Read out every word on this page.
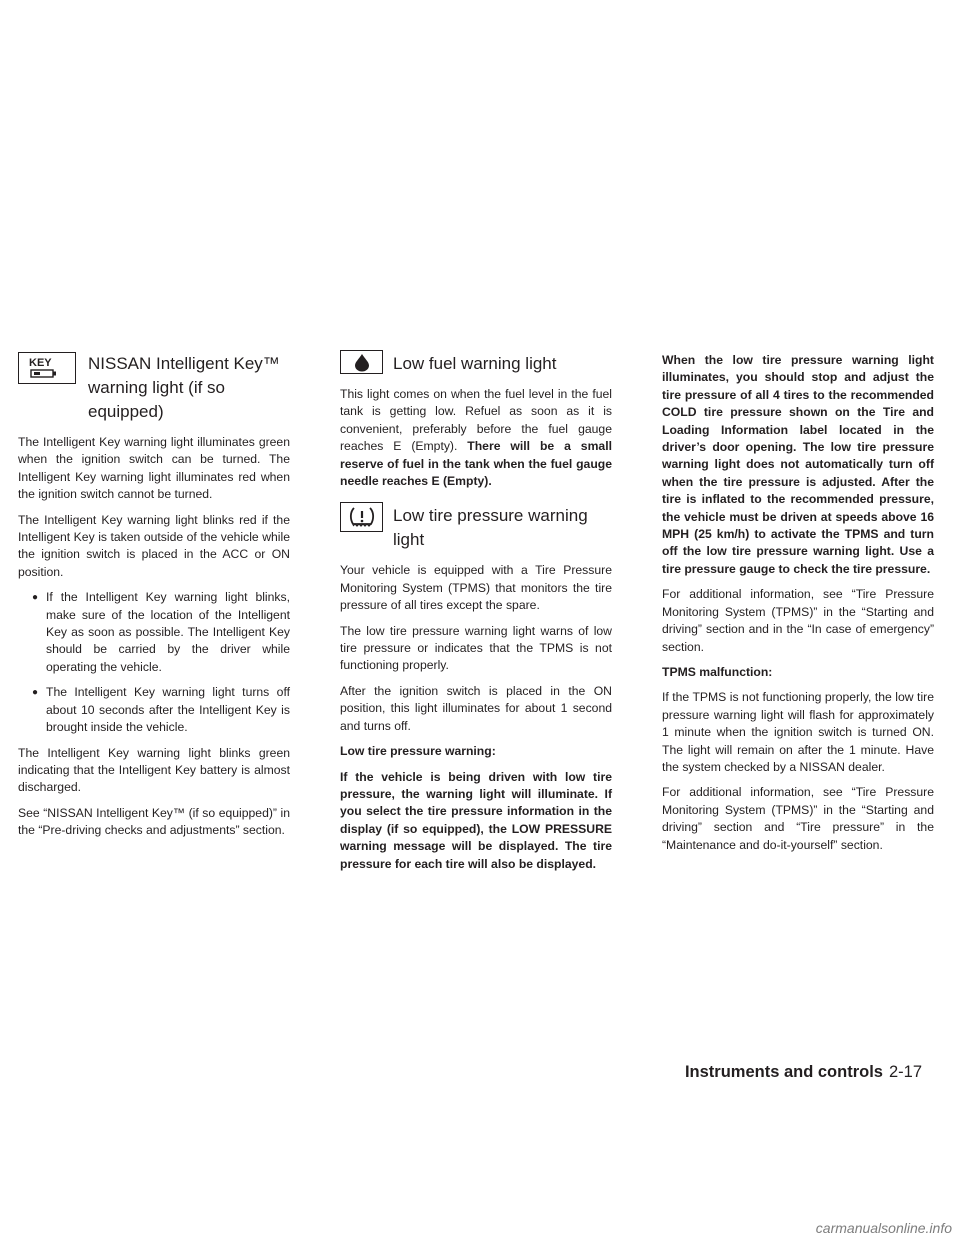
KEY NISSAN Intelligent Key™
warning light (if so equipped)

The Intelligent Key warning light illuminates green when the ignition switch can be turned. The Intelligent Key warning light illuminates red when the ignition switch cannot be turned.

The Intelligent Key warning light blinks red if the Intelligent Key is taken outside of the vehicle while the ignition switch is placed in the ACC or ON position.

● If the Intelligent Key warning light blinks, make sure of the location of the Intelligent Key as soon as possible. The Intelligent Key should be carried by the driver while operating the vehicle.
● The Intelligent Key warning light turns off about 10 seconds after the Intelligent Key is brought inside the vehicle.

The Intelligent Key warning light blinks green indicating that the Intelligent Key battery is almost discharged.

See “NISSAN Intelligent Key™ (if so equipped)” in the “Pre-driving checks and adjustments” section.

Low fuel warning light

This light comes on when the fuel level in the fuel tank is getting low. Refuel as soon as it is convenient, preferably before the fuel gauge reaches E (Empty). There will be a small reserve of fuel in the tank when the fuel gauge needle reaches E (Empty).

Low tire pressure warning
light

Your vehicle is equipped with a Tire Pressure Monitoring System (TPMS) that monitors the tire pressure of all tires except the spare.

The low tire pressure warning light warns of low tire pressure or indicates that the TPMS is not functioning properly.

After the ignition switch is placed in the ON position, this light illuminates for about 1 second and turns off.

Low tire pressure warning:

If the vehicle is being driven with low tire pressure, the warning light will illuminate. If you select the tire pressure information in the display (if so equipped), the LOW PRESSURE warning message will be displayed. The tire pressure for each tire will also be displayed.

When the low tire pressure warning light illuminates, you should stop and adjust the tire pressure of all 4 tires to the recommended COLD tire pressure shown on the Tire and Loading Information label located in the driver’s door opening. The low tire pressure warning light does not automatically turn off when the tire pressure is adjusted. After the tire is inflated to the recommended pressure, the vehicle must be driven at speeds above 16 MPH (25 km/h) to activate the TPMS and turn off the low tire pressure warning light. Use a tire pressure gauge to check the tire pressure.

For additional information, see “Tire Pressure Monitoring System (TPMS)” in the “Starting and driving” section and in the “In case of emergency” section.

TPMS malfunction:

If the TPMS is not functioning properly, the low tire pressure warning light will flash for approximately 1 minute when the ignition switch is turned ON. The light will remain on after the 1 minute. Have the system checked by a NISSAN dealer.

For additional information, see “Tire Pressure Monitoring System (TPMS)” in the “Starting and driving” section and “Tire pressure” in the “Maintenance and do-it-yourself” section.

Instruments and controls 2-17
carmanualsonline.info
